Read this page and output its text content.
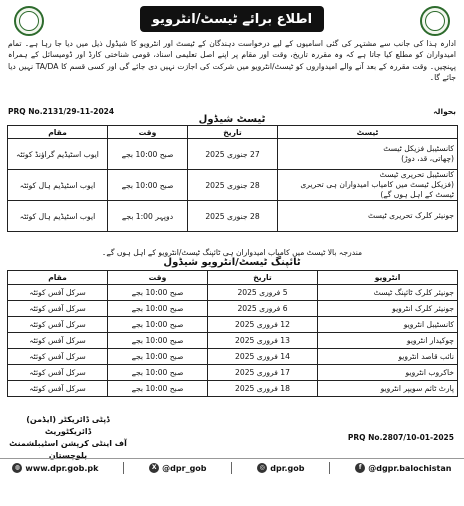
اطلاع برائے ٹیسٹ/انٹرویو
ادارہ ہذا کی جانب سے مشتہر کی گئی اسامیوں کے لیے درخواست دہندگان کے ٹیسٹ اور انٹرویو کا شیڈول ذیل میں دیا جا رہا ہے۔ تمام امیدواران کو مطلع کیا جاتا ہے کہ وہ مقررہ تاریخ، وقت اور مقام پر اپنے اصل تعلیمی اسناد، قومی شناختی کارڈ اور ڈومیسائل کے ہمراہ پہنچیں۔ وقت مقررہ کے بعد آنے والے امیدواروں کو ٹیسٹ/انٹرویو میں شرکت کی اجازت نہیں دی جائے گی اور کسی قسم کا TA/DA نہیں دیا جائے گا۔
PRQ No.2131/29-11-2024	بحوالہ
ٹیسٹ شیڈول
ٹیسٹ	تاریخ	وقت	مقام

کانسٹیبل فزیکل ٹیسٹ
(چھاتی، قد، دوڑ)	27 جنوری 2025	صبح 10:00 بجے	ایوب اسٹیڈیم گراؤنڈ کوئٹہ

کانسٹیبل تحریری ٹیسٹ
(فزیکل ٹیسٹ میں کامیاب امیدواران ہی تحریری ٹیسٹ کے اہل ہوں گے)	28 جنوری 2025	صبح 10:00 بجے	ایوب اسٹیڈیم ہال کوئٹہ

جونیئر کلرک تحریری ٹیسٹ	28 جنوری 2025	دوپہر 1:00 بجے	ایوب اسٹیڈیم ہال کوئٹہ
مندرجہ بالا ٹیسٹ میں کامیاب امیدواران ہی ٹائپنگ ٹیسٹ/انٹرویو کے اہل ہوں گے۔
ٹائپنگ ٹیسٹ/انٹرویو شیڈول
انٹرویو	تاریخ	وقت	مقام
جونیئر کلرک ٹائپنگ ٹیسٹ	5 فروری 2025	صبح 10:00 بجے	سرکل آفس کوئٹہ
جونیئر کلرک انٹرویو	6 فروری 2025	صبح 10:00 بجے	سرکل آفس کوئٹہ
کانسٹیبل انٹرویو	12 فروری 2025	صبح 10:00 بجے	سرکل آفس کوئٹہ
چوکیدار انٹرویو	13 فروری 2025	صبح 10:00 بجے	سرکل آفس کوئٹہ
نائب قاصد انٹرویو	14 فروری 2025	صبح 10:00 بجے	سرکل آفس کوئٹہ
خاکروب انٹرویو	17 فروری 2025	صبح 10:00 بجے	سرکل آفس کوئٹہ
پارٹ ٹائم سویپر انٹرویو	18 فروری 2025	صبح 10:00 بجے	سرکل آفس کوئٹہ
ڈپٹی ڈائریکٹر (ایڈمن) ڈائریکٹوریٹ
آف اینٹی کرپشن اسٹیبلشمنٹ بلوچستان
PRQ No.2807/10-01-2025
◍ www.dpr.gob.pk	X @dpr_gob	◎ dpr.gob	f @dgpr.balochistan
